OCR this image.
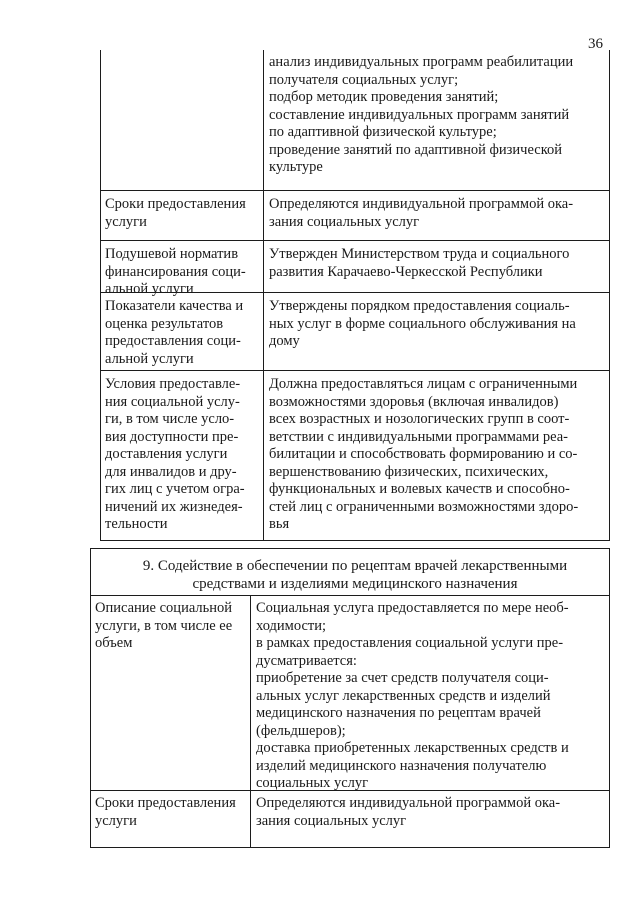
36
анализ индивидуальных программ реабилитации
получателя социальных услуг;
подбор методик проведения занятий;
составление индивидуальных программ занятий
по адаптивной физической культуре;
проведение занятий по адаптивной физической
культуре
Сроки предоставления
услуги
Определяются индивидуальной программой ока-
зания социальных услуг
Подушевой норматив
финансирования соци-
альной услуги
Утвержден Министерством труда и социального
развития Карачаево-Черкесской Республики
Показатели качества и
оценка результатов
предоставления соци-
альной услуги
Утверждены порядком предоставления социаль-
ных услуг в форме социального обслуживания на
дому
Условия предоставле-
ния социальной услу-
ги, в том числе усло-
вия доступности пре-
доставления услуги
для инвалидов и дру-
гих лиц с учетом огра-
ничений их жизнедея-
тельности
Должна предоставляться лицам с ограниченными
возможностями здоровья (включая инвалидов)
всех возрастных и нозологических групп в соот-
ветствии с индивидуальными программами реа-
билитации и способствовать формированию и со-
вершенствованию физических, психических,
функциональных и волевых качеств и способно-
стей лиц с ограниченными возможностями здоро-
вья
9. Содействие в обеспечении по рецептам врачей лекарственными
средствами и изделиями медицинского назначения
Описание социальной
услуги, в том числе ее
объем
Социальная услуга предоставляется по мере необ-
ходимости;
в рамках предоставления социальной услуги пре-
дусматривается:
приобретение за счет средств получателя соци-
альных услуг лекарственных средств и изделий
медицинского назначения по рецептам врачей
(фельдшеров);
доставка приобретенных лекарственных средств и
изделий медицинского назначения получателю
социальных услуг
Сроки предоставления
услуги
Определяются индивидуальной программой ока-
зания социальных услуг
